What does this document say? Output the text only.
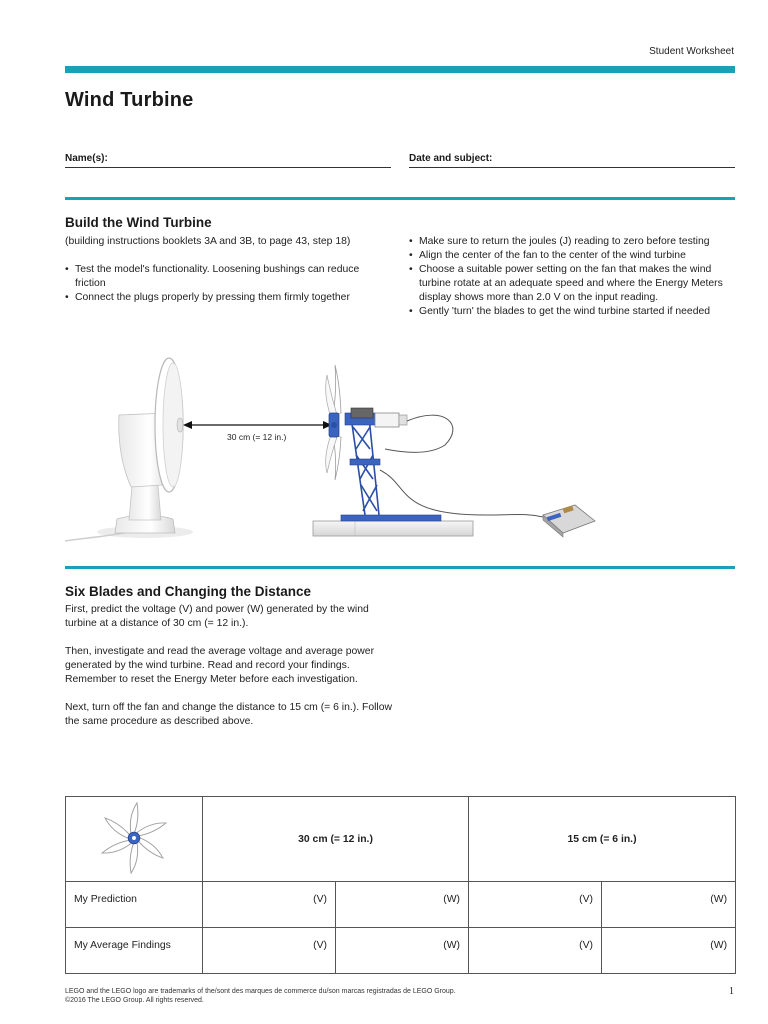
Student Worksheet
Wind Turbine
Name(s):	Date and subject:
Build the Wind Turbine
(building instructions booklets 3A and 3B, to page 43, step 18)
• Test the model's functionality. Loosening bushings can reduce friction
• Connect the plugs properly by pressing them firmly together
• Make sure to return the joules (J) reading to zero before testing
• Align the center of the fan to the center of the wind turbine
• Choose a suitable power setting on the fan that makes the wind turbine rotate at an adequate speed and where the Energy Meters display shows more than 2.0 V on the input reading.
• Gently 'turn' the blades to get the wind turbine started if needed
30 cm (= 12 in.)
Six Blades and Changing the Distance
First, predict the voltage (V) and power (W) generated by the wind turbine at a distance of 30 cm (= 12 in.).
Then, investigate and read the average voltage and average power generated by the wind turbine. Read and record your findings. Remember to reset the Energy Meter before each investigation.
Next, turn off the fan and change the distance to 15 cm (= 6 in.). Follow the same procedure as described above.
	30 cm (= 12 in.)		15 cm (= 6 in.)	
My Prediction	(V)	(W)	(V)	(W)
My Average Findings	(V)	(W)	(V)	(W)
LEGO and the LEGO logo are trademarks of the/sont des marques de commerce du/son marcas registradas de LEGO Group.
©2016 The LEGO Group. All rights reserved.
1
